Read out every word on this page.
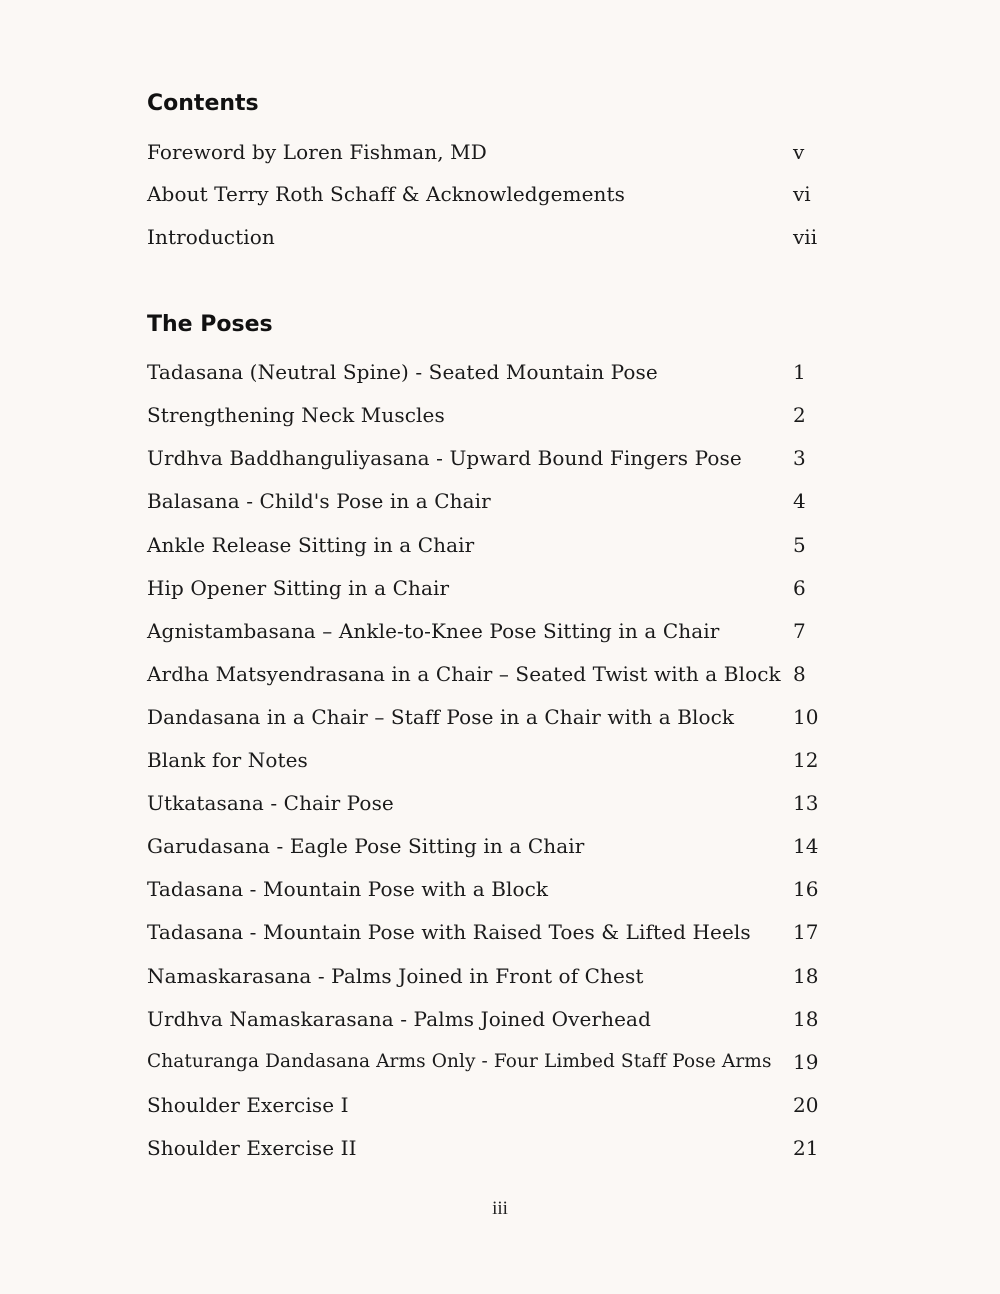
Contents
Foreword by Loren Fishman, MD	v
About Terry Roth Schaff & Acknowledgements	vi
Introduction	vii
The Poses
Tadasana (Neutral Spine) - Seated Mountain Pose	1
Strengthening Neck Muscles	2
Urdhva Baddhanguliyasana - Upward Bound Fingers Pose	3
Balasana - Child's Pose in a Chair	4
Ankle Release Sitting in a Chair	5
Hip Opener Sitting in a Chair	6
Agnistambasana – Ankle-to-Knee Pose Sitting in a Chair	7
Ardha Matsyendrasana in a Chair – Seated Twist with a Block 8
Dandasana in a Chair – Staff Pose in a Chair with a Block	10
Blank for Notes	12
Utkatasana - Chair Pose	13
Garudasana - Eagle Pose Sitting in a Chair	14
Tadasana - Mountain Pose with a Block	16
Tadasana - Mountain Pose with Raised Toes & Lifted Heels 17
Namaskarasana - Palms Joined in Front of Chest	18
Urdhva Namaskarasana - Palms Joined Overhead	18
Chaturanga Dandasana Arms Only - Four Limbed Staff Pose Arms 19
Shoulder Exercise I	20
Shoulder Exercise II	21
iii
